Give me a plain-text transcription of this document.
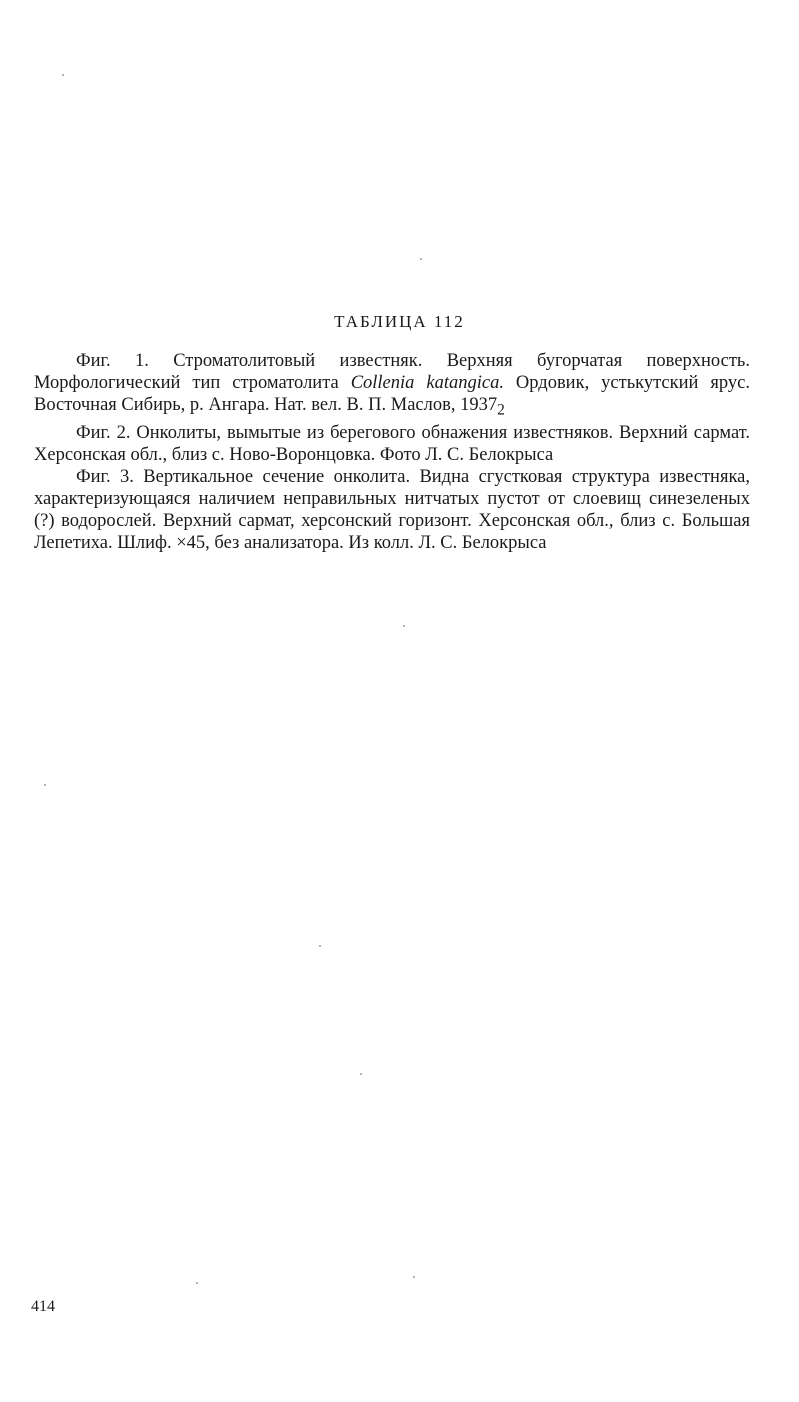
ТАБЛИЦА 112

Фиг. 1. Строматолитовый известняк. Верхняя бугорчатая поверхность. Морфологический тип строматолита Collenia katangica. Ордовик, устькутский ярус. Восточная Сибирь, р. Ангара. Нат. вел. В. П. Маслов, $1937_2$

Фиг. 2. Онколиты, вымытые из берегового обнажения известняков. Верхний сармат. Херсонская обл., близ с. Ново-Воронцовка. Фото Л. С. Белокрыса

Фиг. 3. Вертикальное сечение онколита. Видна сгустковая структура известняка, характеризующаяся наличием неправильных нитчатых пустот от слоевищ синезеленых (?) водорослей. Верхний сармат, херсонский горизонт. Херсонская обл., близ с. Большая Лепетиха. Шлиф. ×45, без анализатора. Из колл. Л. С. Белокрыса

414
